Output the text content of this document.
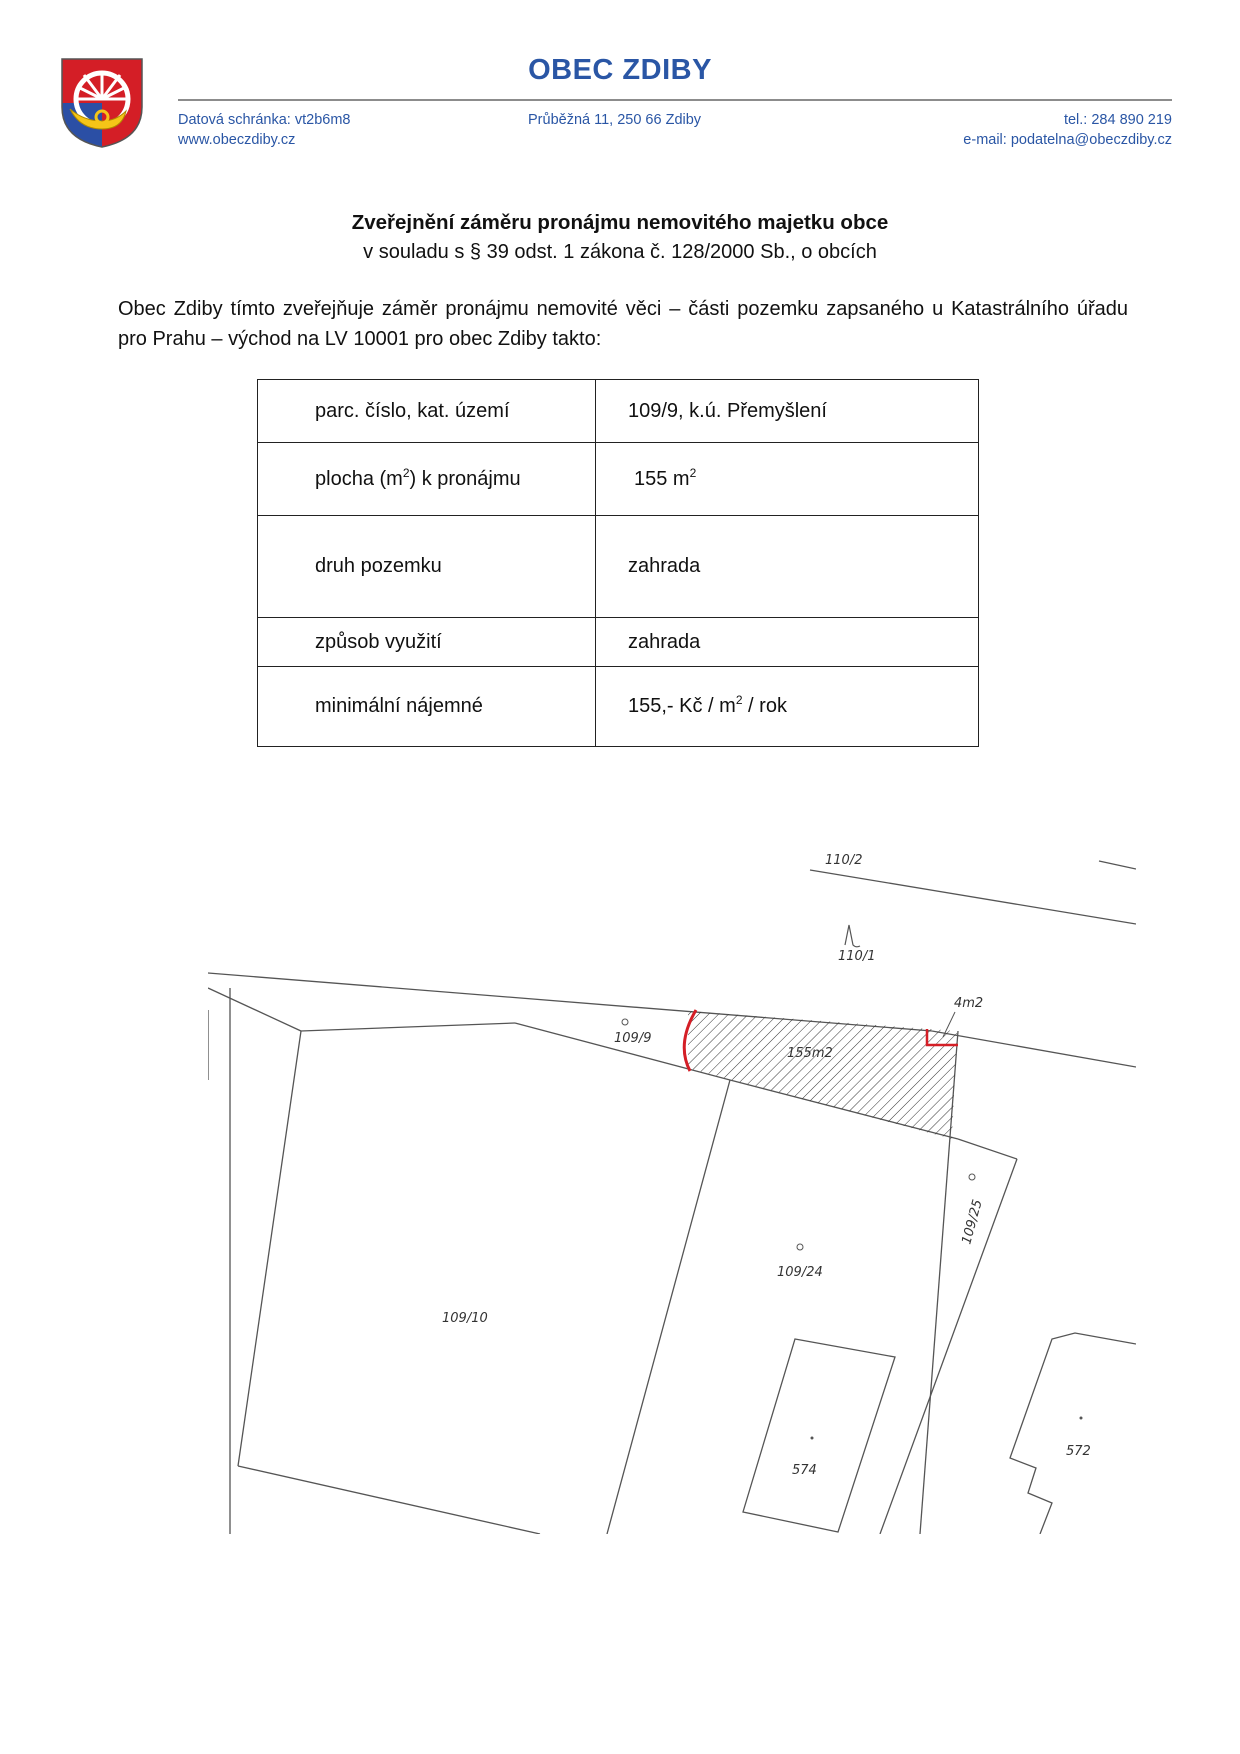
OBEC ZDIBY
Datová schránka: vt2b6m8
www.obeczdiby.cz
Průběžná 11, 250 66 Zdiby	tel.: 284 890 219
e-mail: podatelna@obeczdiby.cz
Zveřejnění záměru pronájmu nemovitého majetku obce
v souladu s § 39 odst. 1 zákona č. 128/2000 Sb., o obcích
Obec Zdiby tímto zveřejňuje záměr pronájmu nemovité věci – části pozemku zapsaného u Katastrálního úřadu pro Prahu – východ na LV 10001 pro obec Zdiby takto:
parc. číslo, kat. území	109/9, k.ú. Přemyšlení
plocha $(m^2)$ k pronájmu	155 $m^2$
druh pozemku	zahrada
způsob využití	zahrada
minimální nájemné	155,- Kč / $m^2$ / rok
110/2
110/1
109/9
155m2
4m2
109/25
109/24
109/10
574
572
